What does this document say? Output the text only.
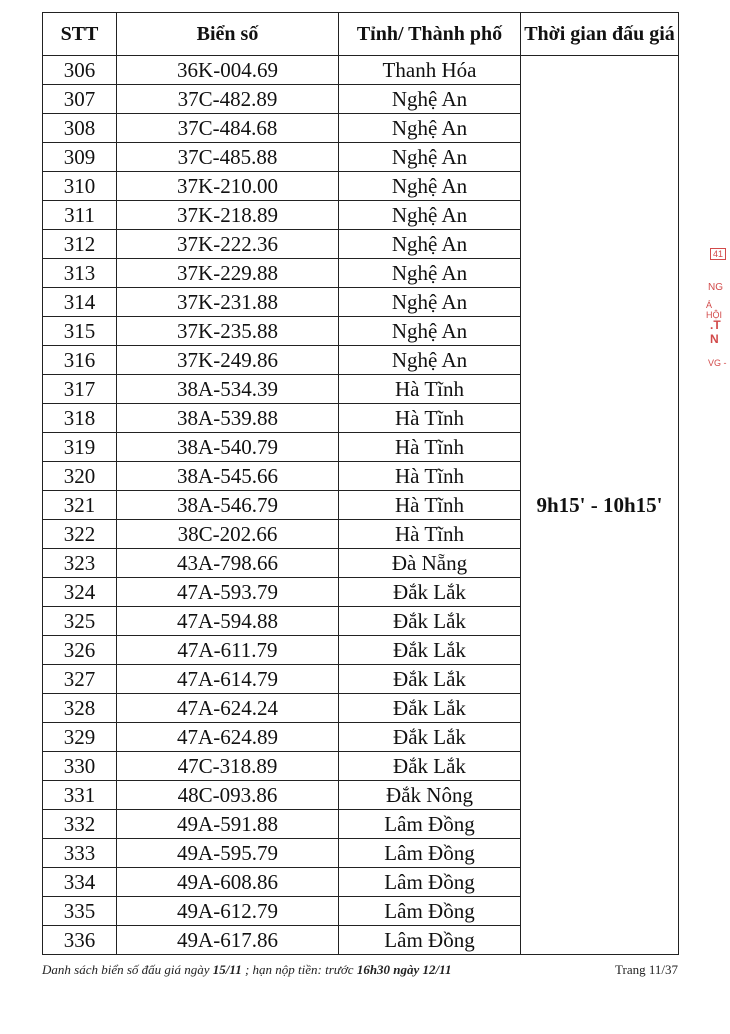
STT	Biển số	Tỉnh/ Thành phố	Thời gian đấu giá
306	36K-004.69	Thanh Hóa	9h15' - 10h15'
307	37C-482.89	Nghệ An	
308	37C-484.68	Nghệ An	
309	37C-485.88	Nghệ An	
310	37K-210.00	Nghệ An	
311	37K-218.89	Nghệ An	
312	37K-222.36	Nghệ An	
313	37K-229.88	Nghệ An	
314	37K-231.88	Nghệ An	
315	37K-235.88	Nghệ An	
316	37K-249.86	Nghệ An	
317	38A-534.39	Hà Tĩnh	
318	38A-539.88	Hà Tĩnh	
319	38A-540.79	Hà Tĩnh	
320	38A-545.66	Hà Tĩnh	
321	38A-546.79	Hà Tĩnh	
322	38C-202.66	Hà Tĩnh	
323	43A-798.66	Đà Nẵng	
324	47A-593.79	Đắk Lắk	
325	47A-594.88	Đắk Lắk	
326	47A-611.79	Đắk Lắk	
327	47A-614.79	Đắk Lắk	
328	47A-624.24	Đắk Lắk	
329	47A-624.89	Đắk Lắk	
330	47C-318.89	Đắk Lắk	
331	48C-093.86	Đắk Nông	
332	49A-591.88	Lâm Đồng	
333	49A-595.79	Lâm Đồng	
334	49A-608.86	Lâm Đồng	
335	49A-612.79	Lâm Đồng	
336	49A-617.86	Lâm Đồng	
Danh sách biển số đấu giá ngày 15/11 ; hạn nộp tiền: trước 16h30 ngày 12/11	Trang 11/37
41
NG
Á HỘI
.T N
VG -
